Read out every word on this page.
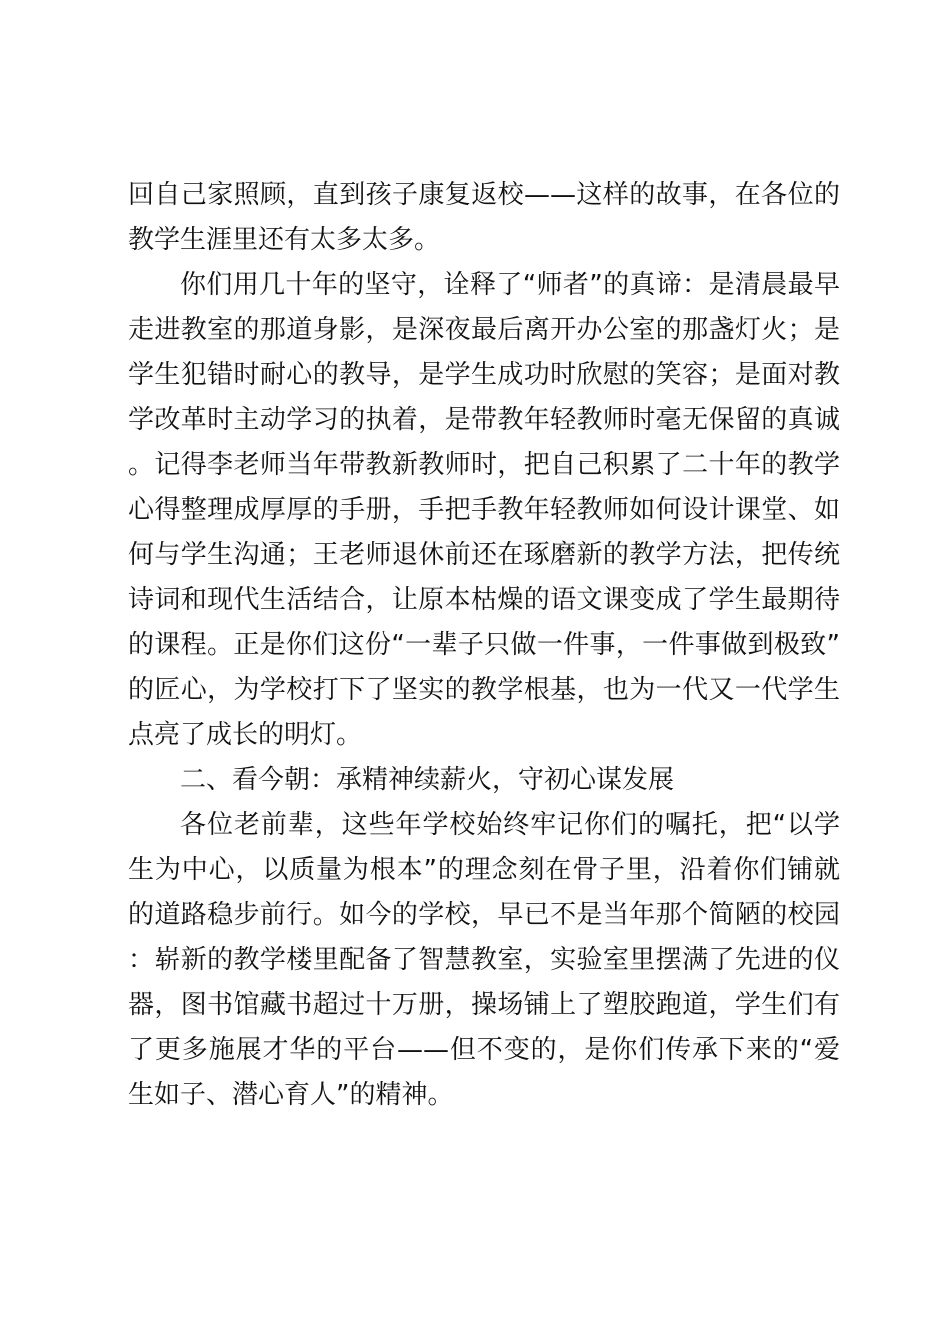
回自己家照顾，直到孩子康复返校——这样的故事，在各位的教学生涯里还有太多太多。

你们用几十年的坚守，诠释了“师者”的真谛：是清晨最早走进教室的那道身影，是深夜最后离开办公室的那盏灯火；是学生犯错时耐心的教导，是学生成功时欣慰的笑容；是面对教学改革时主动学习的执着，是带教年轻教师时毫无保留的真诚。记得李老师当年带教新教师时，把自己积累了二十年的教学心得整理成厚厚的手册，手把手教年轻教师如何设计课堂、如何与学生沟通；王老师退休前还在琢磨新的教学方法，把传统诗词和现代生活结合，让原本枯燥的语文课变成了学生最期待的课程。正是你们这份“一辈子只做一件事，一件事做到极致”的匠心，为学校打下了坚实的教学根基，也为一代又一代学生点亮了成长的明灯。

二、看今朝：承精神续薪火，守初心谋发展

各位老前辈，这些年学校始终牢记你们的嘱托，把“以学生为中心，以质量为根本”的理念刻在骨子里，沿着你们铺就的道路稳步前行。如今的学校，早已不是当年那个简陋的校园：崭新的教学楼里配备了智慧教室，实验室里摆满了先进的仪器，图书馆藏书超过十万册，操场铺上了塑胶跑道，学生们有了更多施展才华的平台——但不变的，是你们传承下来的“爱生如子、潜心育人”的精神。
